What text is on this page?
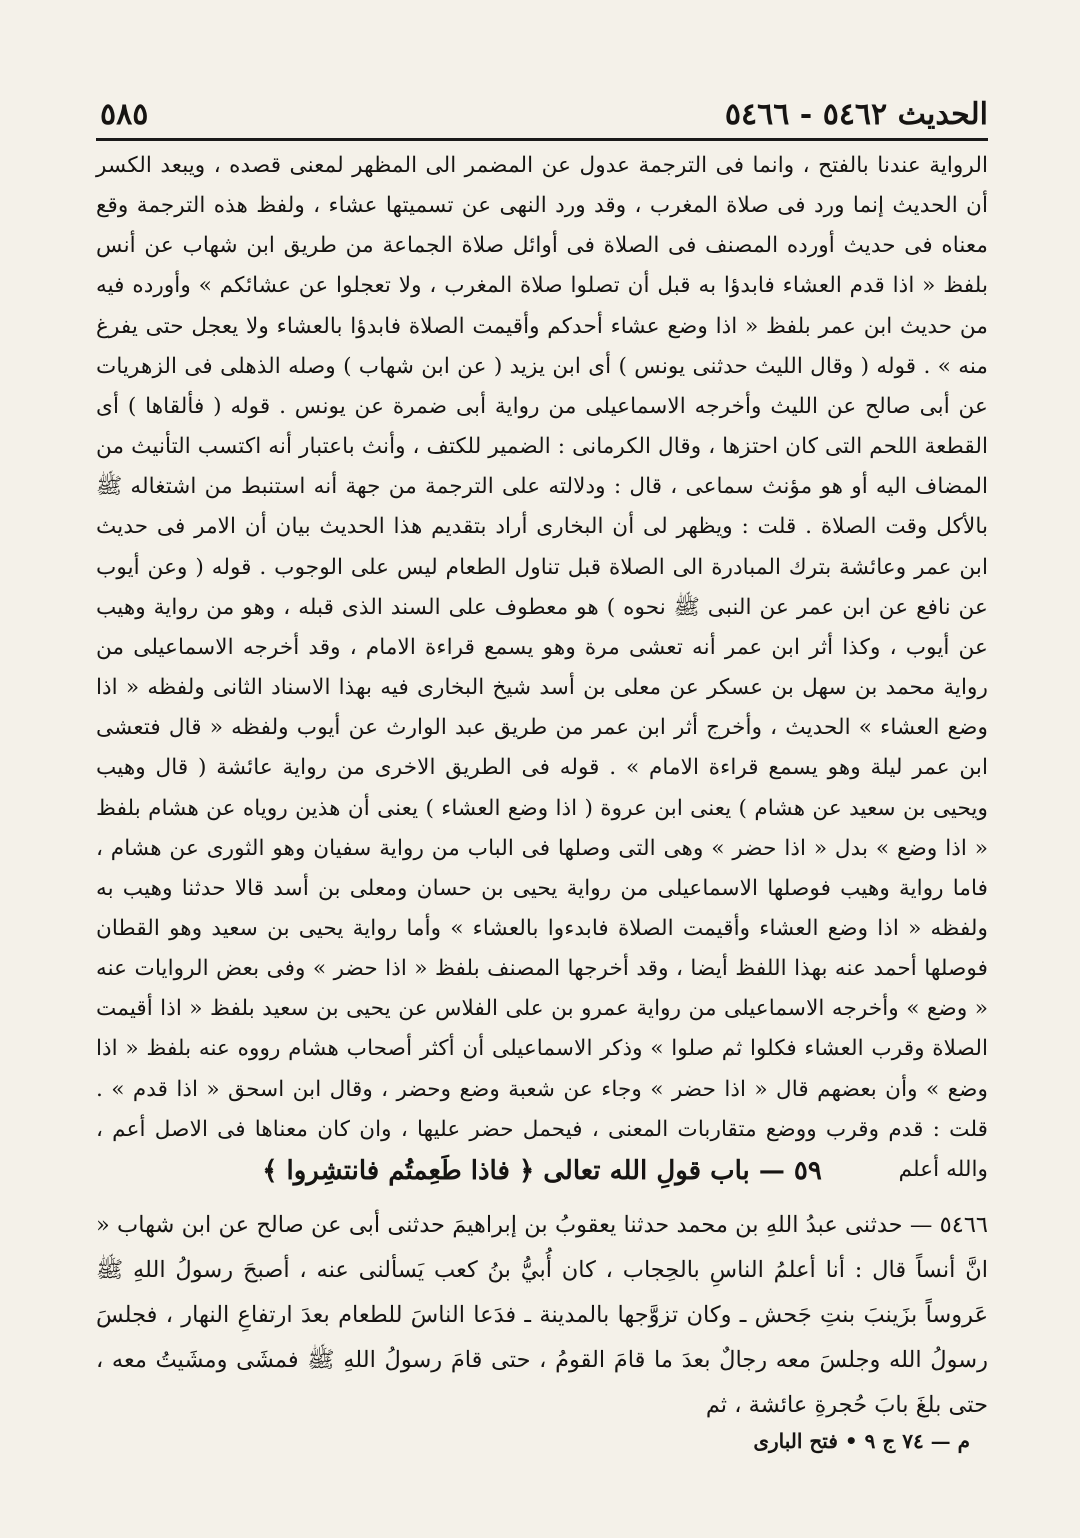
الحديث ٥٤٦٢ - ٥٤٦٦
٥٨٥

الرواية عندنا بالفتح ، وانما فى الترجمة عدول عن المضمر الى المظهر لمعنى قصده ، ويبعد الكسر أن الحديث إنما ورد فى صلاة المغرب ، وقد ورد النهى عن تسميتها عشاء ، ولفظ هذه الترجمة وقع معناه فى حديث أورده المصنف فى الصلاة فى أوائل صلاة الجماعة من طريق ابن شهاب عن أنس بلفظ « اذا قدم العشاء فابدؤا به قبل أن تصلوا صلاة المغرب ، ولا تعجلوا عن عشائكم » وأورده فيه من حديث ابن عمر بلفظ « اذا وضع عشاء أحدكم وأقيمت الصلاة فابدؤا بالعشاء ولا يعجل حتى يفرغ منه » . قوله ( وقال الليث حدثنى يونس ) أى ابن يزيد ( عن ابن شهاب ) وصله الذهلى فى الزهريات عن أبى صالح عن الليث وأخرجه الاسماعيلى من رواية أبى ضمرة عن يونس . قوله ( فألقاها ) أى القطعة اللحم التى كان احتزها ، وقال الكرمانى : الضمير للكتف ، وأنث باعتبار أنه اكتسب التأنيث من المضاف اليه أو هو مؤنث سماعى ، قال : ودلالته على الترجمة من جهة أنه استنبط من اشتغاله ﷺ بالأكل وقت الصلاة . قلت : ويظهر لى أن البخارى أراد بتقديم هذا الحديث بيان أن الامر فى حديث ابن عمر وعائشة بترك المبادرة الى الصلاة قبل تناول الطعام ليس على الوجوب . قوله ( وعن أيوب عن نافع عن ابن عمر عن النبى ﷺ نحوه ) هو معطوف على السند الذى قبله ، وهو من رواية وهيب عن أيوب ، وكذا أثر ابن عمر أنه تعشى مرة وهو يسمع قراءة الامام ، وقد أخرجه الاسماعيلى من رواية محمد بن سهل بن عسكر عن معلى بن أسد شيخ البخارى فيه بهذا الاسناد الثانى ولفظه « اذا وضع العشاء » الحديث ، وأخرج أثر ابن عمر من طريق عبد الوارث عن أيوب ولفظه « قال فتعشى ابن عمر ليلة وهو يسمع قراءة الامام » . قوله فى الطريق الاخرى من رواية عائشة ( قال وهيب ويحيى بن سعيد عن هشام ) يعنى ابن عروة ( اذا وضع العشاء ) يعنى أن هذين روياه عن هشام بلفظ « اذا وضع » بدل « اذا حضر » وهى التى وصلها فى الباب من رواية سفيان وهو الثورى عن هشام ، فاما رواية وهيب فوصلها الاسماعيلى من رواية يحيى بن حسان ومعلى بن أسد قالا حدثنا وهيب به ولفظه « اذا وضع العشاء وأقيمت الصلاة فابدءوا بالعشاء » وأما رواية يحيى بن سعيد وهو القطان فوصلها أحمد عنه بهذا اللفظ أيضا ، وقد أخرجها المصنف بلفظ « اذا حضر » وفى بعض الروايات عنه « وضع » وأخرجه الاسماعيلى من رواية عمرو بن على الفلاس عن يحيى بن سعيد بلفظ « اذا أقيمت الصلاة وقرب العشاء فكلوا ثم صلوا » وذكر الاسماعيلى أن أكثر أصحاب هشام رووه عنه بلفظ « اذا وضع » وأن بعضهم قال « اذا حضر » وجاء عن شعبة وضع وحضر ، وقال ابن اسحق « اذا قدم » . قلت : قدم وقرب ووضع متقاربات المعنى ، فيحمل حضر عليها ، وان كان معناها فى الاصل أعم ، والله أعلم

٥٩ — باب قولِ الله تعالى ﴿ فاذا طَعِمتُم فانتشِروا ﴾

٥٤٦٦ — حدثنى عبدُ اللهِ بن محمد حدثنا يعقوبُ بن إبراهيمَ حدثنى أبى عن صالح عن ابن شهاب « انَّ أنساً قال : أنا أعلمُ الناسِ بالحِجاب ، كان أُبيُّ بنُ كعب يَسألنى عنه ، أصبحَ رسولُ اللهِ ﷺ عَروساً بزَينبَ بنتِ جَحش ـ وكان تزوَّجها بالمدينة ـ فدَعا الناسَ للطعام بعدَ ارتفاعِ النهار ، فجلسَ رسولُ الله وجلسَ معه رجالٌ بعدَ ما قامَ القومُ ، حتى قامَ رسولُ اللهِ ﷺ فمشَى ومشَيتُ معه ، حتى بلغَ بابَ حُجرةِ عائشة ، ثم

م — ٧٤ ج ٩ • فتح البارى
